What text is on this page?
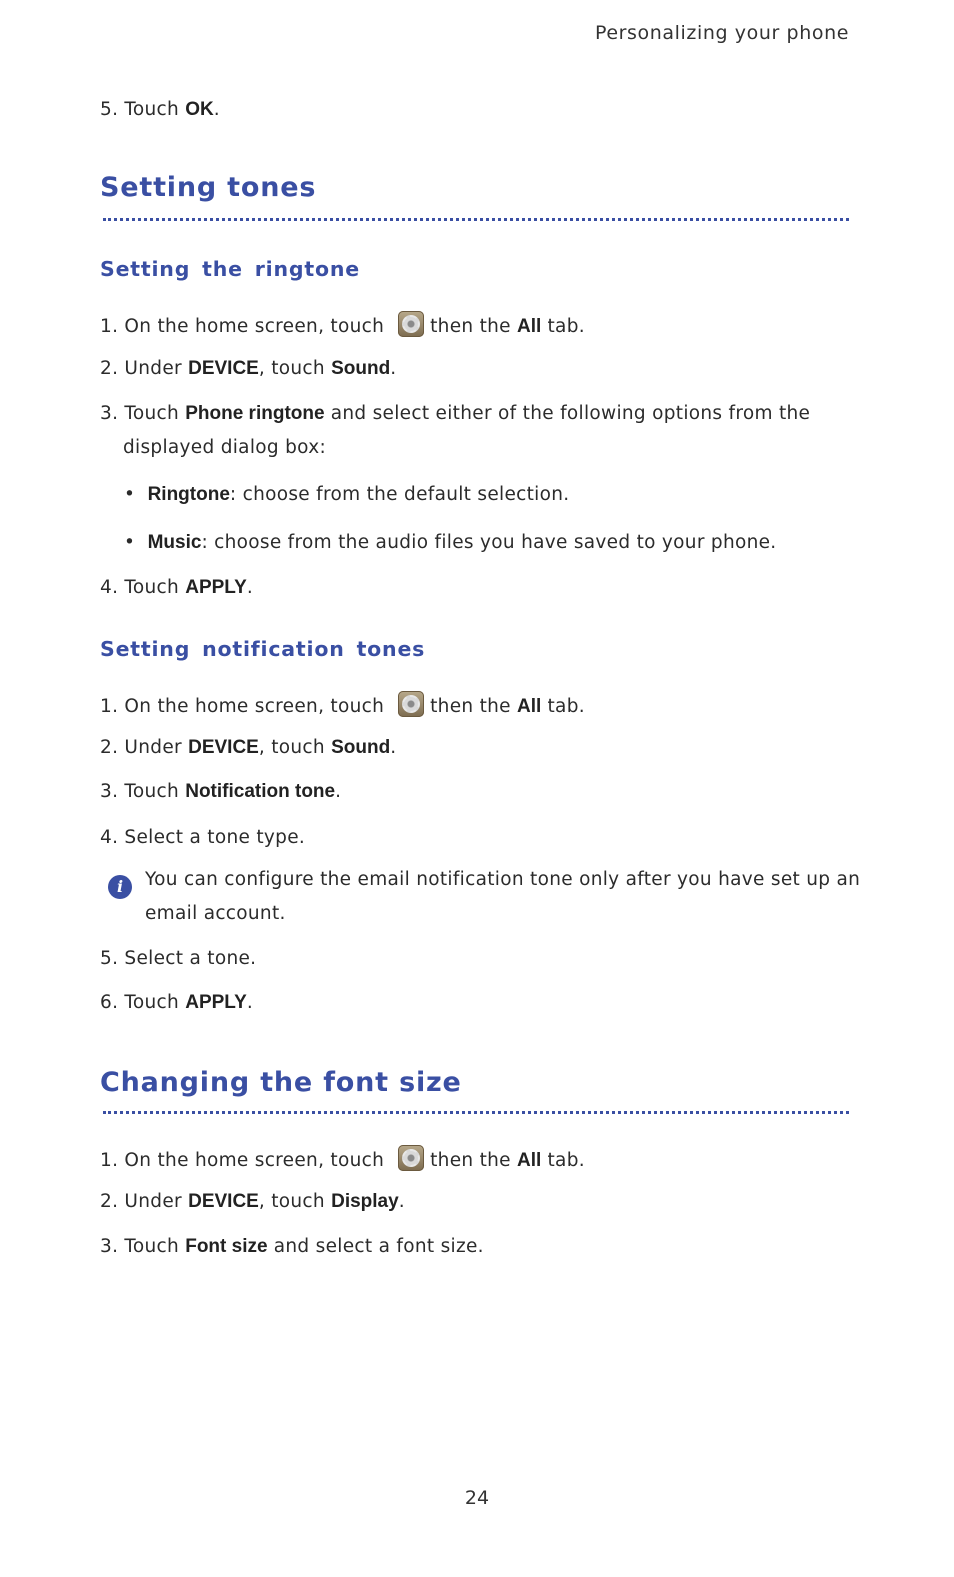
Personalizing your phone
5. Touch OK.
Setting tones
Setting the ringtone
1. On the home screen, touch then the All tab.
2. Under DEVICE, touch Sound.
3. Touch Phone ringtone and select either of the following options from the
displayed dialog box:
•  Ringtone: choose from the default selection.
•  Music: choose from the audio files you have saved to your phone.
4. Touch APPLY.
Setting notification tones
1. On the home screen, touch then the All tab.
2. Under DEVICE, touch Sound.
3. Touch Notification tone.
4. Select a tone type.
i	You can configure the email notification tone only after you have set up an
email account.
5. Select a tone.
6. Touch APPLY.
Changing the font size
1. On the home screen, touch then the All tab.
2. Under DEVICE, touch Display.
3. Touch Font size and select a font size.
24
